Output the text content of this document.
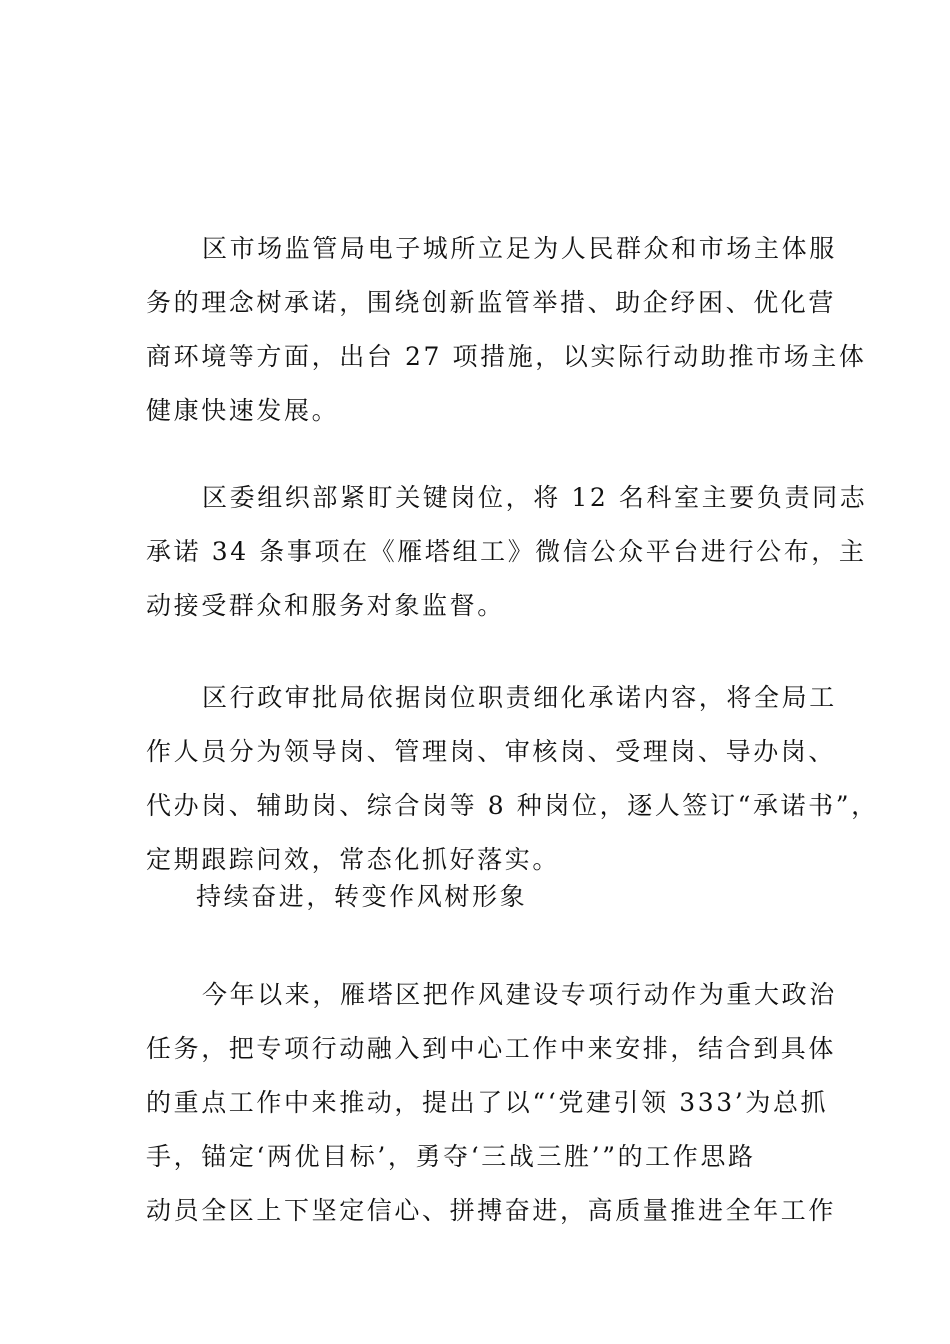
区市场监管局电子城所立足为人民群众和市场主体服
务的理念树承诺，围绕创新监管举措、助企纾困、优化营
商环境等方面，出台 27 项措施，以实际行动助推市场主体
健康快速发展。
区委组织部紧盯关键岗位，将 12 名科室主要负责同志
承诺 34 条事项在《雁塔组工》微信公众平台进行公布，主
动接受群众和服务对象监督。
区行政审批局依据岗位职责细化承诺内容，将全局工
作人员分为领导岗、管理岗、审核岗、受理岗、导办岗、
代办岗、辅助岗、综合岗等 8 种岗位，逐人签订“承诺书”，
定期跟踪问效，常态化抓好落实。

持续奋进，转变作风树形象

今年以来，雁塔区把作风建设专项行动作为重大政治
任务，把专项行动融入到中心工作中来安排，结合到具体
的重点工作中来推动，提出了以“‘党建引领 333’为总抓
手，锚定‘两优目标’，勇夺‘三战三胜’”的工作思路
动员全区上下坚定信心、拼搏奋进，高质量推进全年工作
